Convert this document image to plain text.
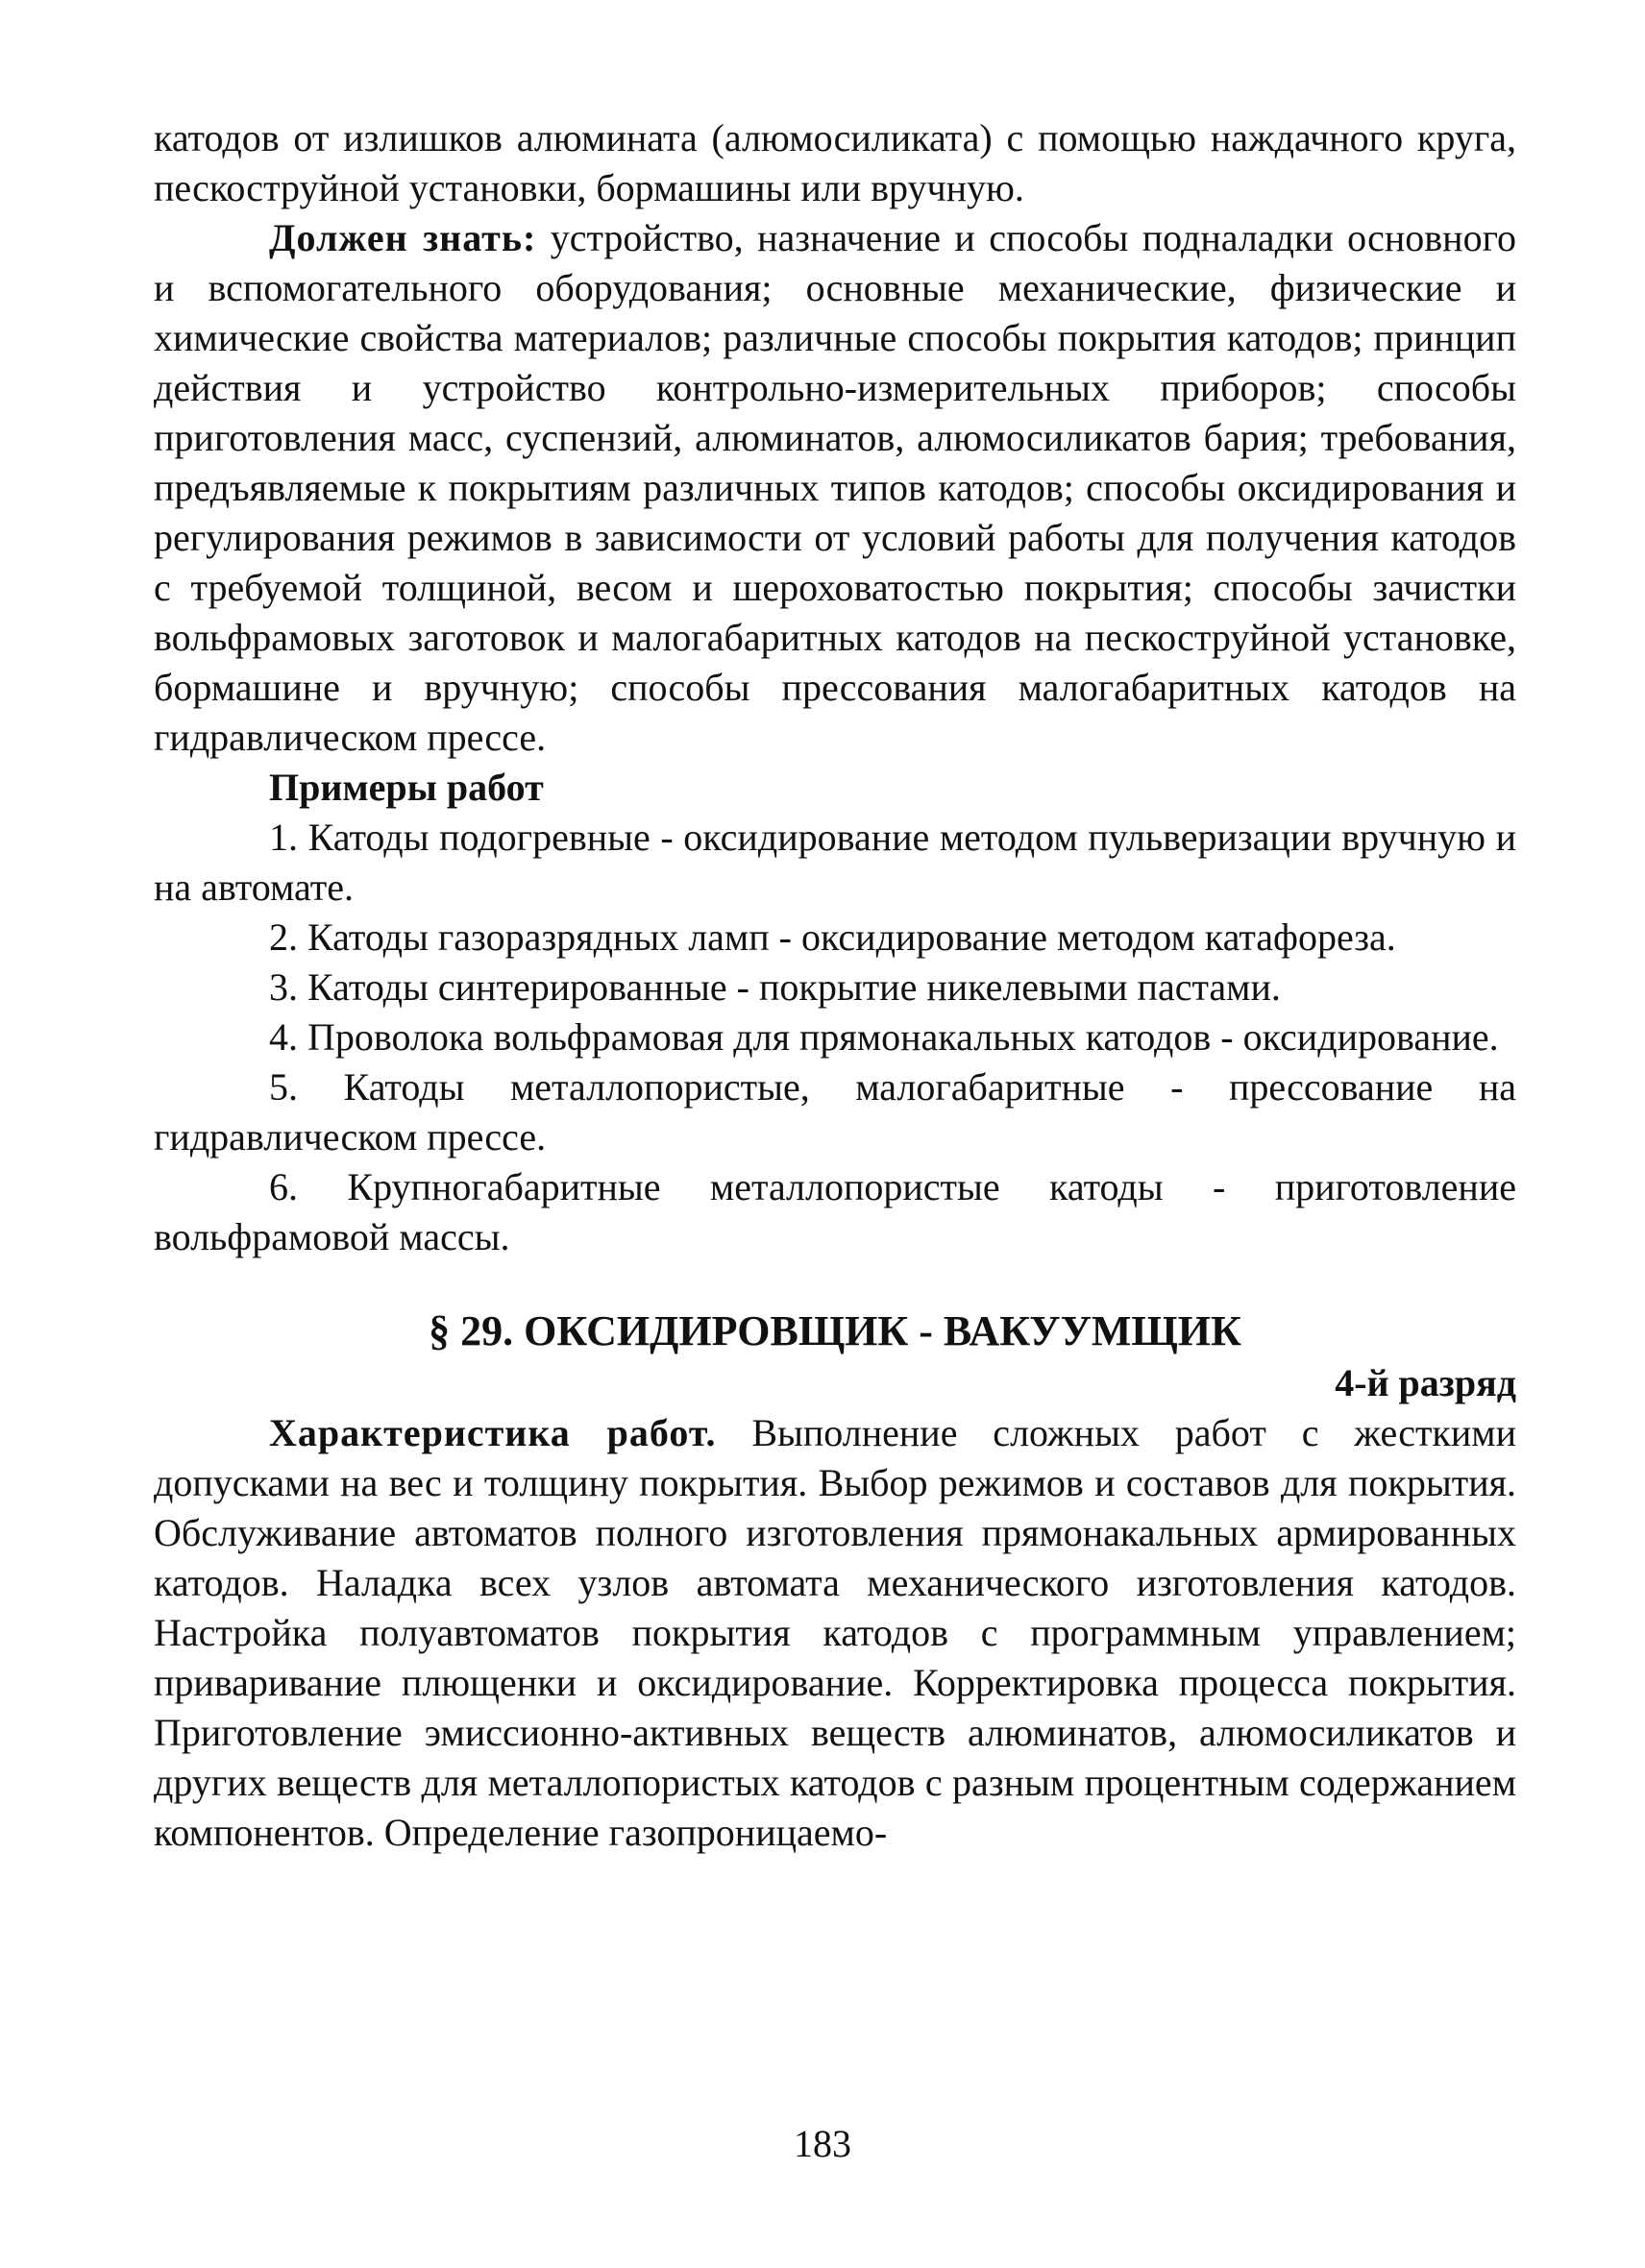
катодов от излишков алюмината (алюмосиликата) с помощью наждачного круга, пескоструйной установки, бормашины или вручную.

Должен знать: устройство, назначение и способы подналадки основного и вспомогательного оборудования; основные механические, физические и химические свойства материалов; различные способы покрытия катодов; принцип действия и устройство контрольно-измерительных приборов; способы приготовления масс, суспензий, алюминатов, алюмосиликатов бария; требования, предъявляемые к покрытиям различных типов катодов; способы оксидирования и регулирования режимов в зависимости от условий работы для получения катодов с требуемой толщиной, весом и шероховатостью покрытия; способы зачистки вольфрамовых заготовок и малогабаритных катодов на пескоструйной установке, бормашине и вручную; способы прессования малогабаритных катодов на гидравлическом прессе.

Примеры работ

1. Катоды подогревные - оксидирование методом пульверизации вручную и на автомате.

2. Катоды газоразрядных ламп - оксидирование методом катафореза.

3. Катоды синтерированные - покрытие никелевыми пастами.

4. Проволока вольфрамовая для прямонакальных катодов - оксидирование.

5. Катоды металлопористые, малогабаритные - прессование на гидравлическом прессе.

6. Крупногабаритные металлопористые катоды - приготовление вольфрамовой массы.

§ 29. ОКСИДИРОВЩИК - ВАКУУМЩИК

4-й разряд

Характеристика работ. Выполнение сложных работ с жесткими допусками на вес и толщину покрытия. Выбор режимов и составов для покрытия. Обслуживание автоматов полного изготовления прямонакальных армированных катодов. Наладка всех узлов автомата механического изготовления катодов. Настройка полуавтоматов покрытия катодов с программным управлением; приваривание плющенки и оксидирование. Корректировка процесса покрытия. Приготовление эмиссионно-активных веществ алюминатов, алюмосиликатов и других веществ для металлопористых катодов с разным процентным содержанием компонентов. Определение газопроницаемо-

183
